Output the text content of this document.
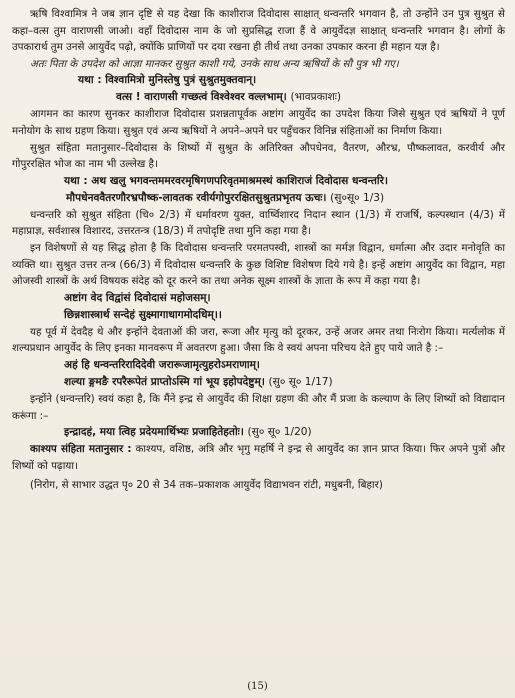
ऋषि विश्वामित्र ने जब ज्ञान दृष्टि से यह देखा कि काशीराज दिवोदास साक्षात् धन्वन्तरि भगवान है, तो उन्होंने उन पुत्र सुश्रुत से कहा–वत्स तुम वाराणसी जाओ। वहाँ दिवोदास नाम के जो सुप्रसिद्ध राजा हैं वे आयुर्वेदज्ञ साक्षात् धन्वन्तरि भगवान है। लोगों के उपकारार्थ तुम उनसे आयुर्वेद पढ़ो, क्योंकि प्राणियों पर दया रखना ही तीर्थ तथा उनका उपकार करना ही महान यज्ञ है।

अतः पिता के उपदेश को आज्ञा मानकर सुश्रुत काशी गये, उनके साथ अन्य ऋषियों के सौ पुत्र भी गए।

यथा : विश्वामित्रो मुनिस्तेषु पुत्रं सुश्रुतमुक्तवान्।

वत्स ! वाराणसी गच्छत्वं विश्वेश्वर वल्लभाम्। (भावप्रकाशः)

आगमन का कारण सुनकर काशीराज दिवोदास प्रशन्नतापूर्वक अष्टांग आयुर्वेद का उपदेश किया जिसे सुश्रुत एवं ऋषियों ने पूर्ण मनोयोग के साथ ग्रहण किया। सुश्रुत एवं अन्य ऋषियों ने अपने–अपने घर पहुँचकर विनिन्न संहिताओं का निर्माण किया।

सुश्रुत संहिता मतानुसार–दिवोदास के शिष्यों में सुश्रुत के अतिरिक्त औपधेनव, वैतरण, औरभ्र, पौष्कलावत, करवीर्य और गोपुररक्षित भोज का नाम भी उल्लेख है।

यथा : अथ खलु भगवन्तममरवरमृषिगणपरिवृतमाश्रमस्थं काशिराजं दिवोदास धन्वन्तरि।

मौपधेनववैतरणौरभ्रपौष्क-लावतक रवीर्यगोपुररक्षितसुश्रुतप्रभृतय ऊचः। (सु०सू० 1/3)

धन्वन्तरि को सुश्रुत संहिता (चि० 2/3) में धर्मावरण युक्त, वार्ष्विशारद निदान स्थान (1/3) में राजर्षि, कल्पस्थान (4/3) में महाप्राज्ञ, सर्वशास्त्र विशारद, उत्तरतन्त्र (18/3) में तपोदृष्टि तथा मुनि कहा गया है।

इन विशेषणों से यह सिद्ध होता है कि दिवोदास धन्वन्तरि परमतपस्वी, शास्त्रों का मर्मज्ञ विद्वान, धर्मात्मा और उदार मनोवृति का व्यक्ति था। सुश्रुत उत्तर तन्त्र (66/3) में दिवोदास धन्वन्तरि के कुछ विशिष्ट विशेषण दिये गये है। इन्हें अष्टांग आयुर्वेद का विद्वान, महा ओजस्वी शास्त्रों के अर्थ विषयक संदेह को दूर करने का तथा अनेक सूक्ष्म शास्त्रों के ज्ञाता के रूप में कहा गया है।

अष्टांग वेद विद्वांसं दिवोदासं महोजसम्।

छिन्नशास्त्रार्थ सन्देहं सुक्ष्मागाधागमोदधिम्।।

यह पूर्व में देवदैह थे और इन्होंने देवताओं की जरा, रूजा और मृत्यु को दूरकर, उन्हें अजर अमर तथा निःरोग किया। मर्त्यलोक में शल्यप्रधान आयुर्वेद के लिए इनका मानवरूप में अवतरण हुआ। जैसा कि वे स्वयं अपना परिचय देते हुए पाये जाते है :–

अहं हि धन्वन्तरिरादिदेवी जरारूजामृत्युहरोऽमराणाम्।

शल्या ङ्गमङै रपरैरूपेतं प्राप्तोऽस्मि गां भूय इहोपदेष्टुम्। (सु० सू० 1/17)

इन्होंने (धन्वन्तरि) स्वयं कहा है, कि मैंने इन्द्र से आयुर्वेद की शिक्षा ग्रहण की और मैं प्रजा के कल्याण के लिए शिष्यों को विद्यादान करूंगा :–

इन्द्रादहं, मया त्विह प्रदेयमार्थिभ्यः प्रजाहितेहतोः। (सु० सू० 1/20)

काश्यप संहिता मतानुसार : काश्यप, वशिष्ठ, अत्रि और भृगु महर्षि ने इन्द्र से आयुर्वेद का ज्ञान प्राप्त किया। फिर अपने पुत्रों और शिष्यों को पढ़ाया।

(निरोग, से साभार उद्धत पृ० 20 से 34 तक–प्रकाशक आयुर्वेद विद्याभवन रांटी, मधुबनी, बिहार)

(15)
